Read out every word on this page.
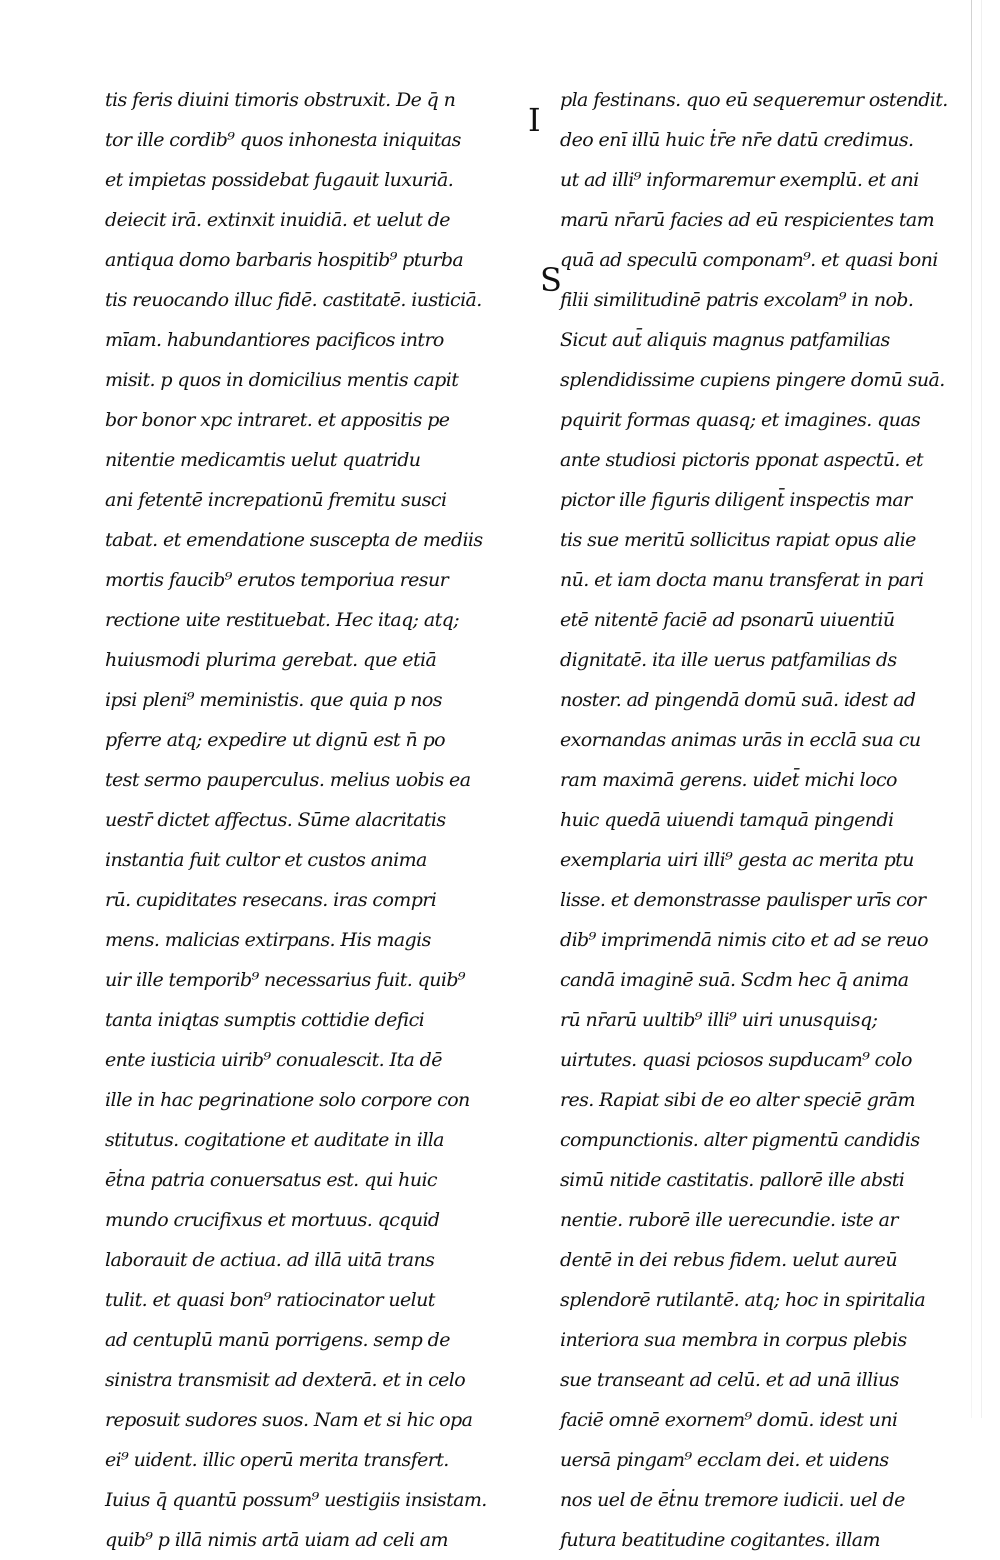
tis feris diuini timoris obstruxit. De q̄ n
tor ille cordib⁹ quos inhonesta iniquitas
et impietas possidebat fugauit luxuriā.
deiecit irā. extinxit inuidiā. et uelut de
antiqua domo barbaris hospitib⁹ pturba
tis reuocando illuc fidē. castitatē. iusticiā.
mīam. habundantiores pacificos intro
misit. p quos in domicilius mentis capit
bor bonor xpc intraret. et appositis pe
nitentie medicamtis uelut quatridu
ani fetentē increpationū fremitu susci
tabat. et emendatione suscepta de mediis
mortis faucib⁹ erutos temporiua resur
rectione uite restituebat. Hec itaq; atq;
huiusmodi plurima gerebat. que etiā
ipsi pleni⁹ meministis. que quia p nos
pferre atq; expedire ut dignū est n̄ po
test sermo pauperculus. melius uobis ea
uestr̄ dictet affectus. Sūme alacritatis
instantia fuit cultor et custos anima
rū. cupiditates resecans. iras compri
mens. malicias extirpans. His magis
uir ille temporib⁹ necessarius fuit. quib⁹
tanta iniqtas sumptis cottidie defici
ente iusticia uirib⁹ conualescit. Ita dē
ille in hac pegrinatione solo corpore con
stitutus. cogitatione et auditate in illa
ēṫna patria conuersatus est. qui huic
mundo crucifixus et mortuus. qcquid
laborauit de actiua. ad illā uitā trans
tulit. et quasi bon⁹ ratiocinator uelut
ad centuplū manū porrigens. semp de
sinistra transmisit ad dexterā. et in celo
reposuit sudores suos. Nam et si hic opa
ei⁹ uident. illic operū merita transfert.
Iuius q̄ quantū possum⁹ uestigiis insistam.
quib⁹ p illā nimis artā uiam ad celi am
I
S
pla festinans. quo eū sequeremur ostendit.
deo enī illū huic ṫr̄e nr̄e datū credimus.
ut ad illi⁹ informaremur exemplū. et ani
marū nr̄arū facies ad eū respicientes tam
quā ad speculū componam⁹. et quasi boni
filii similitudinē patris excolam⁹ in nob.
Sicut aut̄ aliquis magnus patfamilias
splendidissime cupiens pingere domū suā.
pquirit formas quasq; et imagines. quas
ante studiosi pictoris pponat aspectū. et
pictor ille figuris diligent̄ inspectis mar
tis sue meritū sollicitus rapiat opus alie
nū. et iam docta manu transferat in pari
etē nitentē faciē ad psonarū uiuentiū
dignitatē. ita ille uerus patfamilias ds
noster. ad pingendā domū suā. idest ad
exornandas animas urās in ecclā sua cu
ram maximā gerens. uidet̄ michi loco
huic quedā uiuendi tamquā pingendi
exemplaria uiri illi⁹ gesta ac merita ptu
lisse. et demonstrasse paulisper urīs cor
dib⁹ imprimendā nimis cito et ad se reuo
candā imaginē suā. Scdm hec q̄ anima
rū nr̄arū uultib⁹ illi⁹ uiri unusquisq;
uirtutes. quasi pciosos supducam⁹ colo
res. Rapiat sibi de eo alter speciē grām
compunctionis. alter pigmentū candidis
simū nitide castitatis. pallorē ille absti
nentie. ruborē ille uerecundie. iste ar
dentē in dei rebus fidem. uelut aureū
splendorē rutilantē. atq; hoc in spiritalia
interiora sua membra in corpus plebis
sue transeant ad celū. et ad unā illius
faciē omnē exornem⁹ domū. idest uni
uersā pingam⁹ ecclam dei. et uidens
nos uel de ēṫnu tremore iudicii. uel de
futura beatitudine cogitantes. illam
